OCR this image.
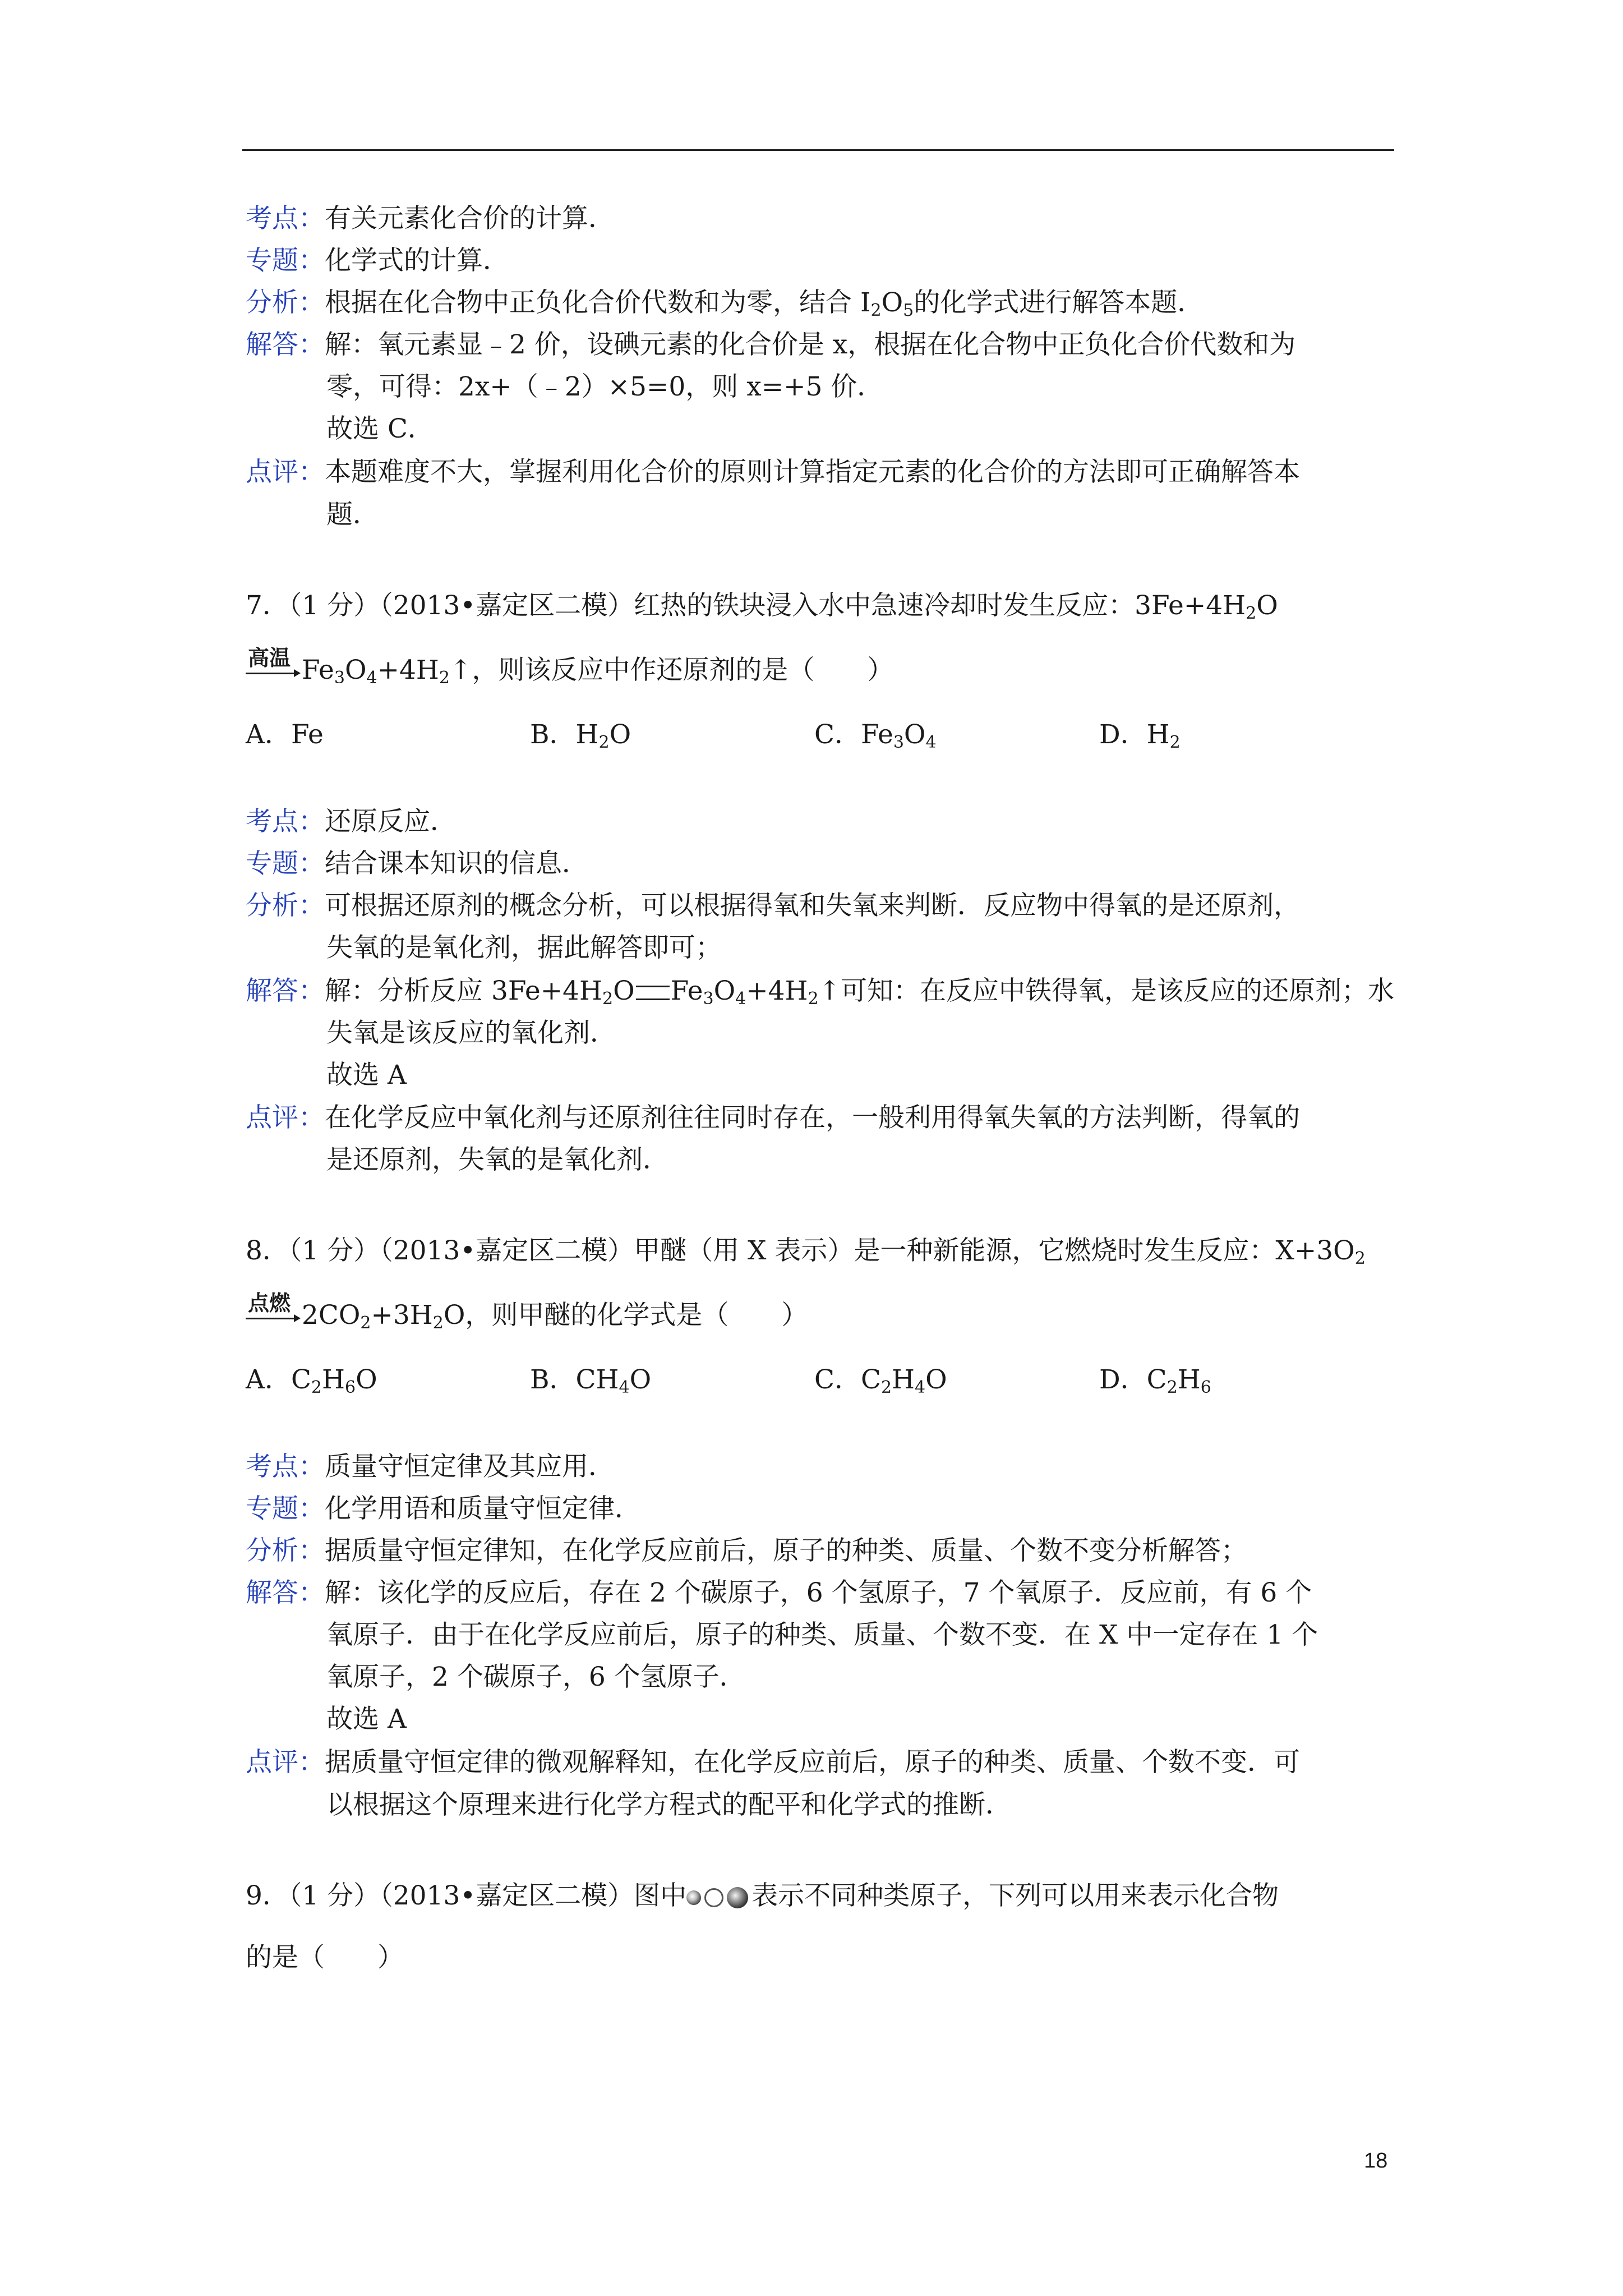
考点：有关元素化合价的计算．
专题：化学式的计算．
分析：根据在化合物中正负化合价代数和为零，结合 $I_2O_5$的化学式进行解答本题．
解答：解：氧元素显﹣2 价，设碘元素的化合价是 x，根据在化合物中正负化合价代数和为
零，可得：2x+（﹣2）×5=0，则 x=+5 价．
故选 C．
点评：本题难度不大，掌握利用化合价的原则计算指定元素的化合价的方法即可正确解答本
题．
7．（1 分）（2013•嘉定区二模）红热的铁块浸入水中急速冷却时发生反应：$3Fe+4H_2O$
高温 $Fe_3O_4+4H_2↑$，则该反应中作还原剂的是（　　）
A．Fe	B．$H_2O$	C．$Fe_3O_4$	D．$H_2$
考点：还原反应．
专题：结合课本知识的信息．
分析：可根据还原剂的概念分析，可以根据得氧和失氧来判断．反应物中得氧的是还原剂，
失氧的是氧化剂，据此解答即可；
解答：解：分析反应 $3Fe+4H_2O$ $Fe_3O_4+4H_2↑$可知：在反应中铁得氧，是该反应的还原剂；水
失氧是该反应的氧化剂．
故选 A
点评：在化学反应中氧化剂与还原剂往往同时存在，一般利用得氧失氧的方法判断，得氧的
是还原剂，失氧的是氧化剂．
8．（1 分）（2013•嘉定区二模）甲醚（用 X 表示）是一种新能源，它燃烧时发生反应：$X+3O_2$
点燃 $2CO_2+3H_2O$，则甲醚的化学式是（　　）
A．$C_2H_6O$	B．$CH_4O$	C．$C_2H_4O$	D．$C_2H_6$
考点：质量守恒定律及其应用．
专题：化学用语和质量守恒定律．
分析：据质量守恒定律知，在化学反应前后，原子的种类、质量、个数不变分析解答；
解答：解：该化学的反应后，存在 2 个碳原子，6 个氢原子，7 个氧原子．反应前，有 6 个
氧原子．由于在化学反应前后，原子的种类、质量、个数不变．在 X 中一定存在 1 个
氧原子，2 个碳原子，6 个氢原子．
故选 A
点评：据质量守恒定律的微观解释知，在化学反应前后，原子的种类、质量、个数不变．可
以根据这个原理来进行化学方程式的配平和化学式的推断．
9．（1 分）（2013•嘉定区二模）图中 表示不同种类原子，下列可以用来表示化合物
的是（　　）
18
